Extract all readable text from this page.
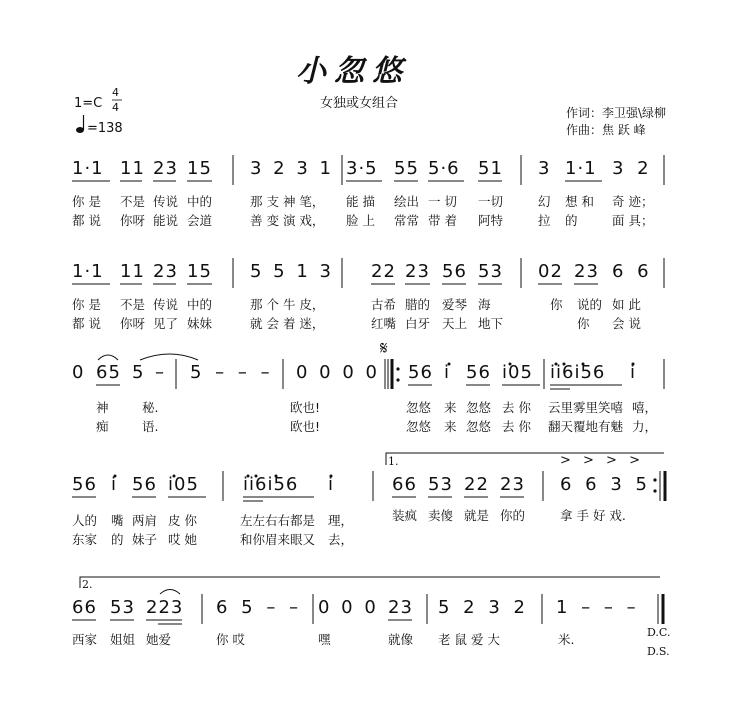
小忽悠
女独或女组合
1=C
4
4
=138
作词：李卫强\绿柳
作曲：焦 跃 峰
𝄋
1.
2.
> > > >
D.C.
D.S.
1·1 11 23 15 3 2 3 1 3·5 55 5·6 51 3 1·1 3 2
你 是 不是 传说 中的	那 支 神 笔， 能 描 绘出 一 切 一切	幻 想 和 奇 迹；
都 说 你呀 能说 会道	善 变 演 戏， 脸 上 常常 带 着 阿特	拉 的	面 具；
1·1 11 23 15 5 5 1 3 22 23 56 53 02 23 6 6
你 是 不是 传说 中的	那 个 牛 皮，	古希 腊的 爱琴 海	你 说的 如 此
都 说 你呀 见了 妹妹	就 会 着 迷，	红嘴 白牙 天上 地下	你 会 说
0 65 5 – 5 – – – 0 0 0 0 56 i 56 i05 ii6i56 i
神	秘.	欧也!	忽悠 来 忽悠 去 你 云里雾里笑嘻 嘻，
痴	语.	欧也!	忽悠 来 忽悠 去 你 翻天覆地有魅 力，
56 i 56 i05 ii6i56 i	66 53 22 23 6 6 3 5
人的 嘴 两肩 皮 你	左左右右都是 理，	装疯 卖傻 就是 你的	拿 手 好 戏.
东家 的 妹子 哎 她	和你眉来眼又 去，
66 53 223 6 5 – – 0 0 0 23 5 2 3 2 1 – – –
西家 姐姐 她爱	你 哎	嘿	就像 老 鼠 爱 大	米.
